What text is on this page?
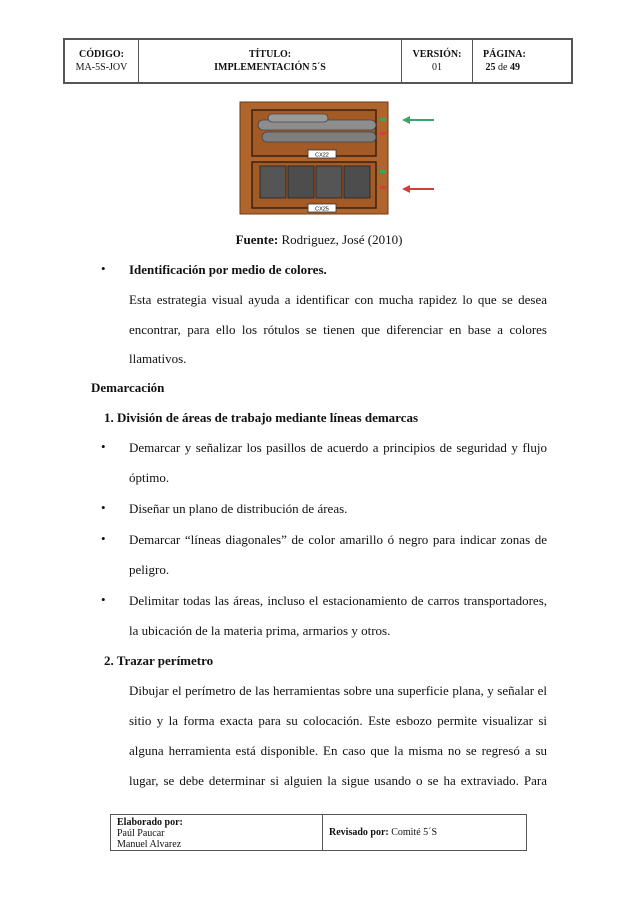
CÓDIGO:
MA-5S-JOV
TÍTULO:
IMPLEMENTACIÓN 5´S
VERSIÓN:
01
PÁGINA:
25 de 49
CX22
CX25
Fuente: Rodriguez, José (2010)
•
Identificación por medio de colores.
Esta estrategia visual ayuda a identificar con mucha rapidez lo que se desea
encontrar, para ello los rótulos se tienen que diferenciar en base a colores
llamativos.
Demarcación
1. División de áreas de trabajo mediante líneas demarcas
•
Demarcar y señalizar los pasillos de acuerdo a principios de seguridad y flujo
óptimo.
•
Diseñar un plano de distribución de áreas.
•
Demarcar “líneas diagonales” de color amarillo ó negro para indicar zonas de
peligro.
•
Delimitar todas las áreas, incluso el estacionamiento de carros transportadores,
la ubicación de la materia prima, armarios y otros.
2. Trazar perímetro
Dibujar el perímetro de las herramientas sobre una superficie plana, y señalar el
sitio y la forma exacta para su colocación. Este esbozo permite visualizar si
alguna herramienta está disponible. En caso que la misma no se regresó a su
lugar, se debe determinar si alguien la sigue usando o se ha extraviado. Para
Elaborado por:
Paúl Paucar
Manuel Alvarez
Revisado por:
Comité 5´S
